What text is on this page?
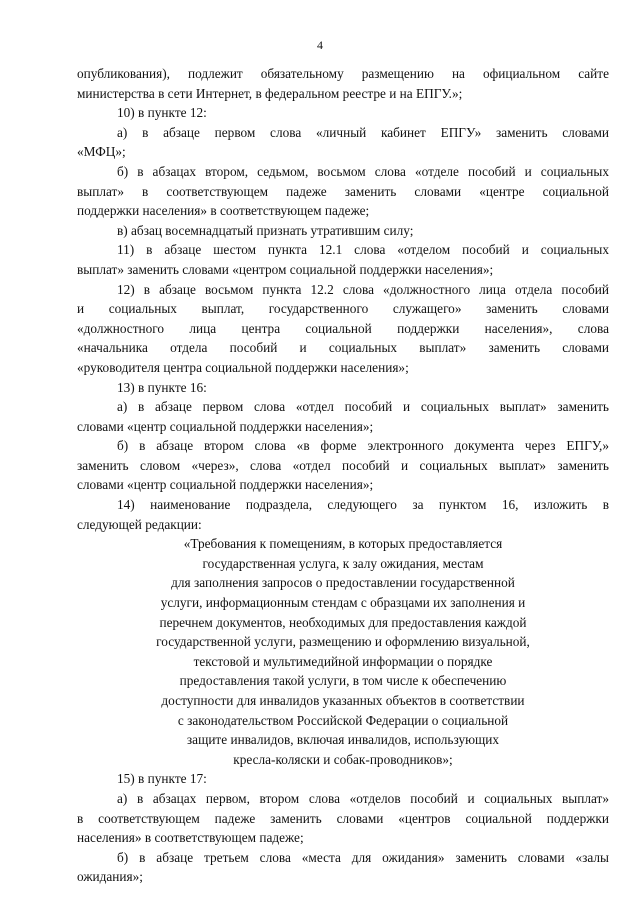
4
опубликования), подлежит обязательному размещению на официальном сайте
министерства в сети Интернет, в федеральном реестре и на ЕПГУ.»;
10) в пункте 12:
а) в абзаце первом слова «личный кабинет ЕПГУ» заменить словами
«МФЦ»;
б) в абзацах втором, седьмом, восьмом слова «отделе пособий и социальных
выплат» в соответствующем падеже заменить словами «центре социальной
поддержки населения» в соответствующем падеже;
в) абзац восемнадцатый признать утратившим силу;
11) в абзаце шестом пункта 12.1 слова «отделом пособий и социальных
выплат» заменить словами «центром социальной поддержки населения»;
12) в абзаце восьмом пункта 12.2 слова «должностного лица отдела пособий
и социальных выплат, государственного служащего» заменить словами
«должностного лица центра социальной поддержки населения», слова
«начальника отдела пособий и социальных выплат» заменить словами
«руководителя центра социальной поддержки населения»;
13) в пункте 16:
а) в абзаце первом слова «отдел пособий и социальных выплат» заменить
словами «центр социальной поддержки населения»;
б) в абзаце втором слова «в форме электронного документа через ЕПГУ,»
заменить словом «через», слова «отдел пособий и социальных выплат» заменить
словами «центр социальной поддержки населения»;
14) наименование подраздела, следующего за пунктом 16, изложить в
следующей редакции:
«Требования к помещениям, в которых предоставляется
государственная услуга, к залу ожидания, местам
для заполнения запросов о предоставлении государственной
услуги, информационным стендам с образцами их заполнения и
перечнем документов, необходимых для предоставления каждой
государственной услуги, размещению и оформлению визуальной,
текстовой и мультимедийной информации о порядке
предоставления такой услуги, в том числе к обеспечению
доступности для инвалидов указанных объектов в соответствии
с законодательством Российской Федерации о социальной
защите инвалидов, включая инвалидов, использующих
кресла-коляски и собак-проводников»;
15) в пункте 17:
а) в абзацах первом, втором слова «отделов пособий и социальных выплат»
в соответствующем падеже заменить словами «центров социальной поддержки
населения» в соответствующем падеже;
б) в абзаце третьем слова «места для ожидания» заменить словами «залы
ожидания»;
